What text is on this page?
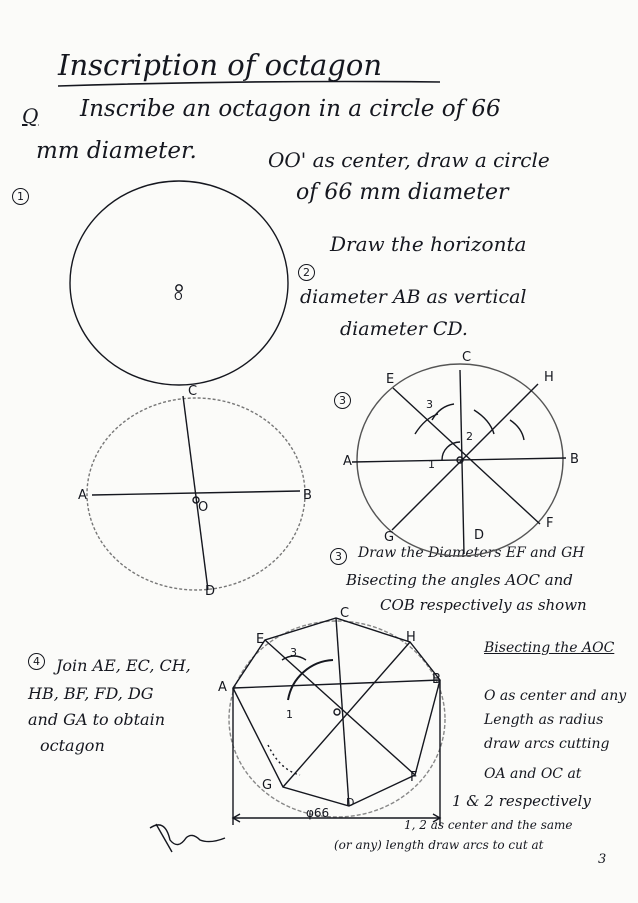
Inscription of octagon
Q Inscribe an octagon in a circle of 66
mm diameter.
1
OO' as center, draw a circle
of 66 mm diameter
2
Draw the horizonta
diameter AB as vertical
diameter CD.
3
3	Draw the Diameters EF and GH
Bisecting the angles AOC and
COB respectively as shown
4	Join AE, EC, CH,
HB, BF, FD, DG
and GA to obtain
octagon
Bisecting the AOC
O as center and any
Length as radius
draw arcs cutting
OA and OC at
1 & 2 respectively
1, 2 as center and the same
(or any) length draw arcs to cut at
3
O
A	B
C
D
O
A	B
C
D
E
F
G
H
1
2
3
A
B
C
D
E
F
G
H
1
3
φ66
